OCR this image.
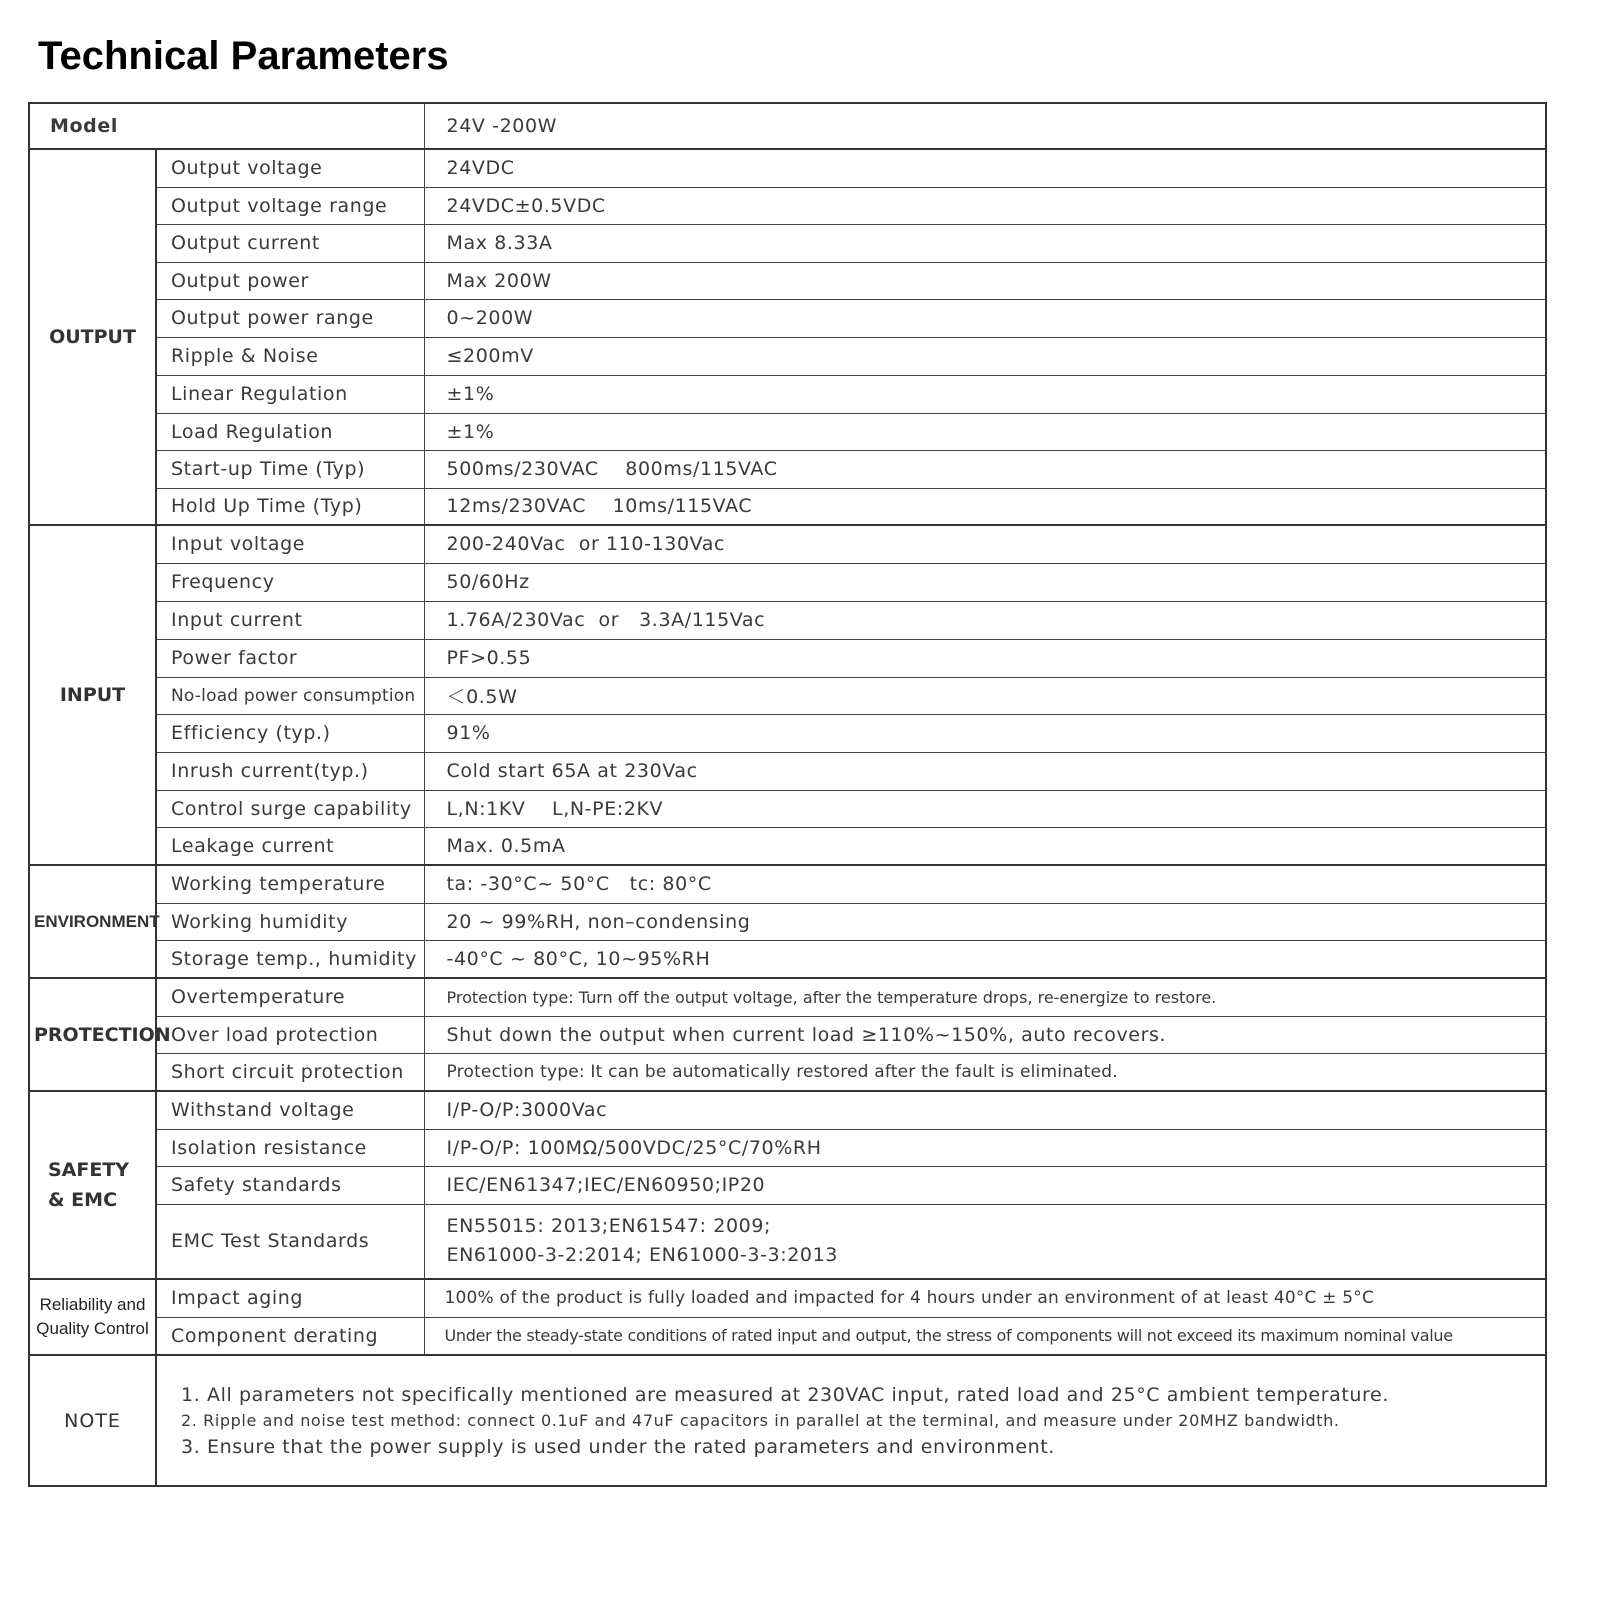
Technical Parameters
Model		24V -200W
OUTPUT	Output voltage	24VDC
	Output voltage range	24VDC±0.5VDC
	Output current	Max 8.33A
	Output power	Max 200W
	Output power range	0~200W
	Ripple & Noise	≤200mV
	Linear Regulation	±1%
	Load Regulation	±1%
	Start-up Time (Typ)	500ms/230VAC    800ms/115VAC
	Hold Up Time (Typ)	12ms/230VAC    10ms/115VAC
INPUT	Input voltage	200-240Vac  or 110-130Vac
	Frequency	50/60Hz
	Input current	1.76A/230Vac  or   3.3A/115Vac
	Power factor	PF>0.55
	No-load power consumption	＜0.5W
	Efficiency (typ.)	91%
	Inrush current(typ.)	Cold start 65A at 230Vac
	Control surge capability	L,N:1KV    L,N-PE:2KV
	Leakage current	Max. 0.5mA
ENVIRONMENT	Working temperature	ta: -30°C~ 50°C   tc: 80°C
	Working humidity	20 ~ 99%RH, non–condensing
	Storage temp., humidity	-40°C ~ 80°C, 10~95%RH
PROTECTION	Overtemperature	Protection type: Turn off the output voltage, after the temperature drops, re-energize to restore.
	Over load protection	Shut down the output when current load ≥110%~150%, auto recovers.
	Short circuit protection	Protection type: It can be automatically restored after the fault is eliminated.
SAFETY & EMC	Withstand voltage	I/P-O/P:3000Vac
	Isolation resistance	I/P-O/P: 100MΩ/500VDC/25°C/70%RH
	Safety standards	IEC/EN61347;IEC/EN60950;IP20
	EMC Test Standards	EN55015: 2013;EN61547: 2009;
EN61000-3-2:2014; EN61000-3-3:2013

Reliability and Quality Control	Impact aging	100% of the product is fully loaded and impacted for 4 hours under an environment of at least 40°C ± 5°C
	Component derating	Under the steady-state conditions of rated input and output, the stress of components will not exceed its maximum nominal value
NOTE	1. All parameters not specifically mentioned are measured at 230VAC input, rated load and 25°C ambient temperature.
2. Ripple and noise test method: connect 0.1uF and 47uF capacitors in parallel at the terminal, and measure under 20MHZ bandwidth.
3. Ensure that the power supply is used under the rated parameters and environment.	
